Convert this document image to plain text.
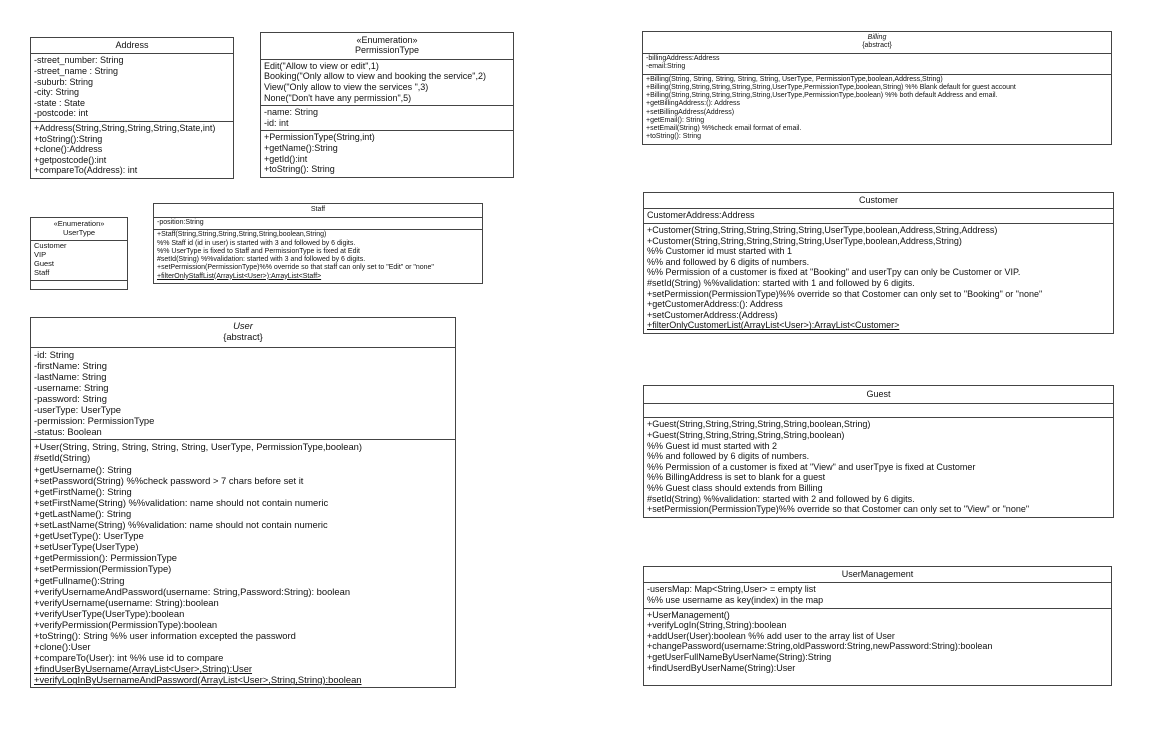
Address
-street_number: String
-street_name : String
-suburb: String
-city: String
-state : State
-postcode: int
+Address(String,String,String,String,State,int)
+toString():String
+clone():Address
+getpostcode():int
+compareTo(Address): int
«Enumeration»
PermissionType
Edit("Allow to view or edit",1)
Booking("Only allow to view and booking the service",2)
View("Only allow to view the services ",3)
None("Don't have any permission",5)
-name: String
-id: int
+PermissionType(String,int)
+getName():String
+getId():int
+toString(): String
«Enumeration»
UserType
Customer
VIP
Guest
Staff
Staff
-position:String
+Staff(String,String,String,String,String,boolean,String)
%% Staff id (id in user) is started with 3 and followed by 6 digits.
%% UserType is fixed to Staff and PermissionType is fixed at Edit
#setId(String) %%validation: started with 3 and followed by 6 digits.
+setPermission(PermissionType)%% override so that staff can only set to "Edit" or "none"
+filterOnlyStaffList(ArrayList<User>):ArrayList<Staff>
User
{abstract}
-id: String
-firstName: String
-lastName: String
-username: String
-password: String
-userType: UserType
-permission: PermissionType
-status: Boolean
+User(String, String, String, String, String, UserType, PermissionType,boolean)
#setId(String)
+getUsername(): String
+setPassword(String) %%check password > 7 chars before set it
+getFirstName(): String
+setFirstName(String) %%validation: name should not contain numeric
+getLastName(): String
+setLastName(String) %%validation: name should not contain numeric
+getUsetType(): UserType
+setUserType(UserType)
+getPermission(): PermissionType
+setPermission(PermissionType)
+getFullname():String
+verifyUsernameAndPassword(username: String,Password:String): boolean
+verifyUsername(username: String):boolean
+verifyUserType(UserType):boolean
+verifyPermission(PermissionType):boolean
+toString(): String %% user information excepted the password
+clone():User
+compareTo(User): int %% use id to compare
+findUserByUsername(ArrayList<User>,String):User
+verifyLogInByUsernameAndPassword(ArrayList<User>,String,String):boolean
Billing
{abstract}
-billingAddress:Address
-email:String
+Billing(String, String, String, String, String, UserType, PermissionType,boolean,Address,String)
+Billing(String,String,String,String,String,UserType,PermissionType,boolean,String) %% Blank default for guest account
+Billing(String,String,String,String,String,UserType,PermissionType,boolean) %% both default Address and email.
+getBillingAddress:(): Address
+setBillingAddress(Address)
+getEmail(): String
+setEmail(String) %%check email format of email.
+toString(): String
Customer
CustomerAddress:Address
+Customer(String,String,String,String,String,UserType,boolean,Address,String,Address)
+Customer(String,String,String,String,String,UserType,boolean,Address,String)
%% Customer id must started with 1
%% and followed by 6 digits of numbers.
%% Permission of a customer is fixed at "Booking" and userTpy can only be Customer or VIP.
#setId(String) %%validation: started with 1 and followed by 6 digits.
+setPermission(PermissionType)%% override so that Costomer can only set to "Booking" or "none"
+getCustomerAddress:(): Address
+setCustomerAddress:(Address)
+filterOnlyCustomerList(ArrayList<User>):ArrayList<Customer>
Guest
+Guest(String,String,String,String,String,boolean,String)
+Guest(String,String,String,String,String,boolean)
%% Guest id must started with 2
%% and followed by 6 digits of numbers.
%% Permission of a customer is fixed at "View" and userTpye is fixed at Customer
%% BillingAddress is set to blank for a guest
%% Guest class should extends from Billing
#setId(String) %%validation: started with 2 and followed by 6 digits.
+setPermission(PermissionType)%% override so that Costomer can only set to "View" or "none"
UserManagement
-usersMap: Map<String,User> = empty list
%% use username as key(index) in the map
+UserManagement()
+verifyLogIn(String,String):boolean
+addUser(User):boolean %% add user to the array list of User
+changePassword(username:String,oldPassword:String,newPassword:String):boolean
+getUserFullNameByUserName(String):String
+findUserdByUserName(String):User
